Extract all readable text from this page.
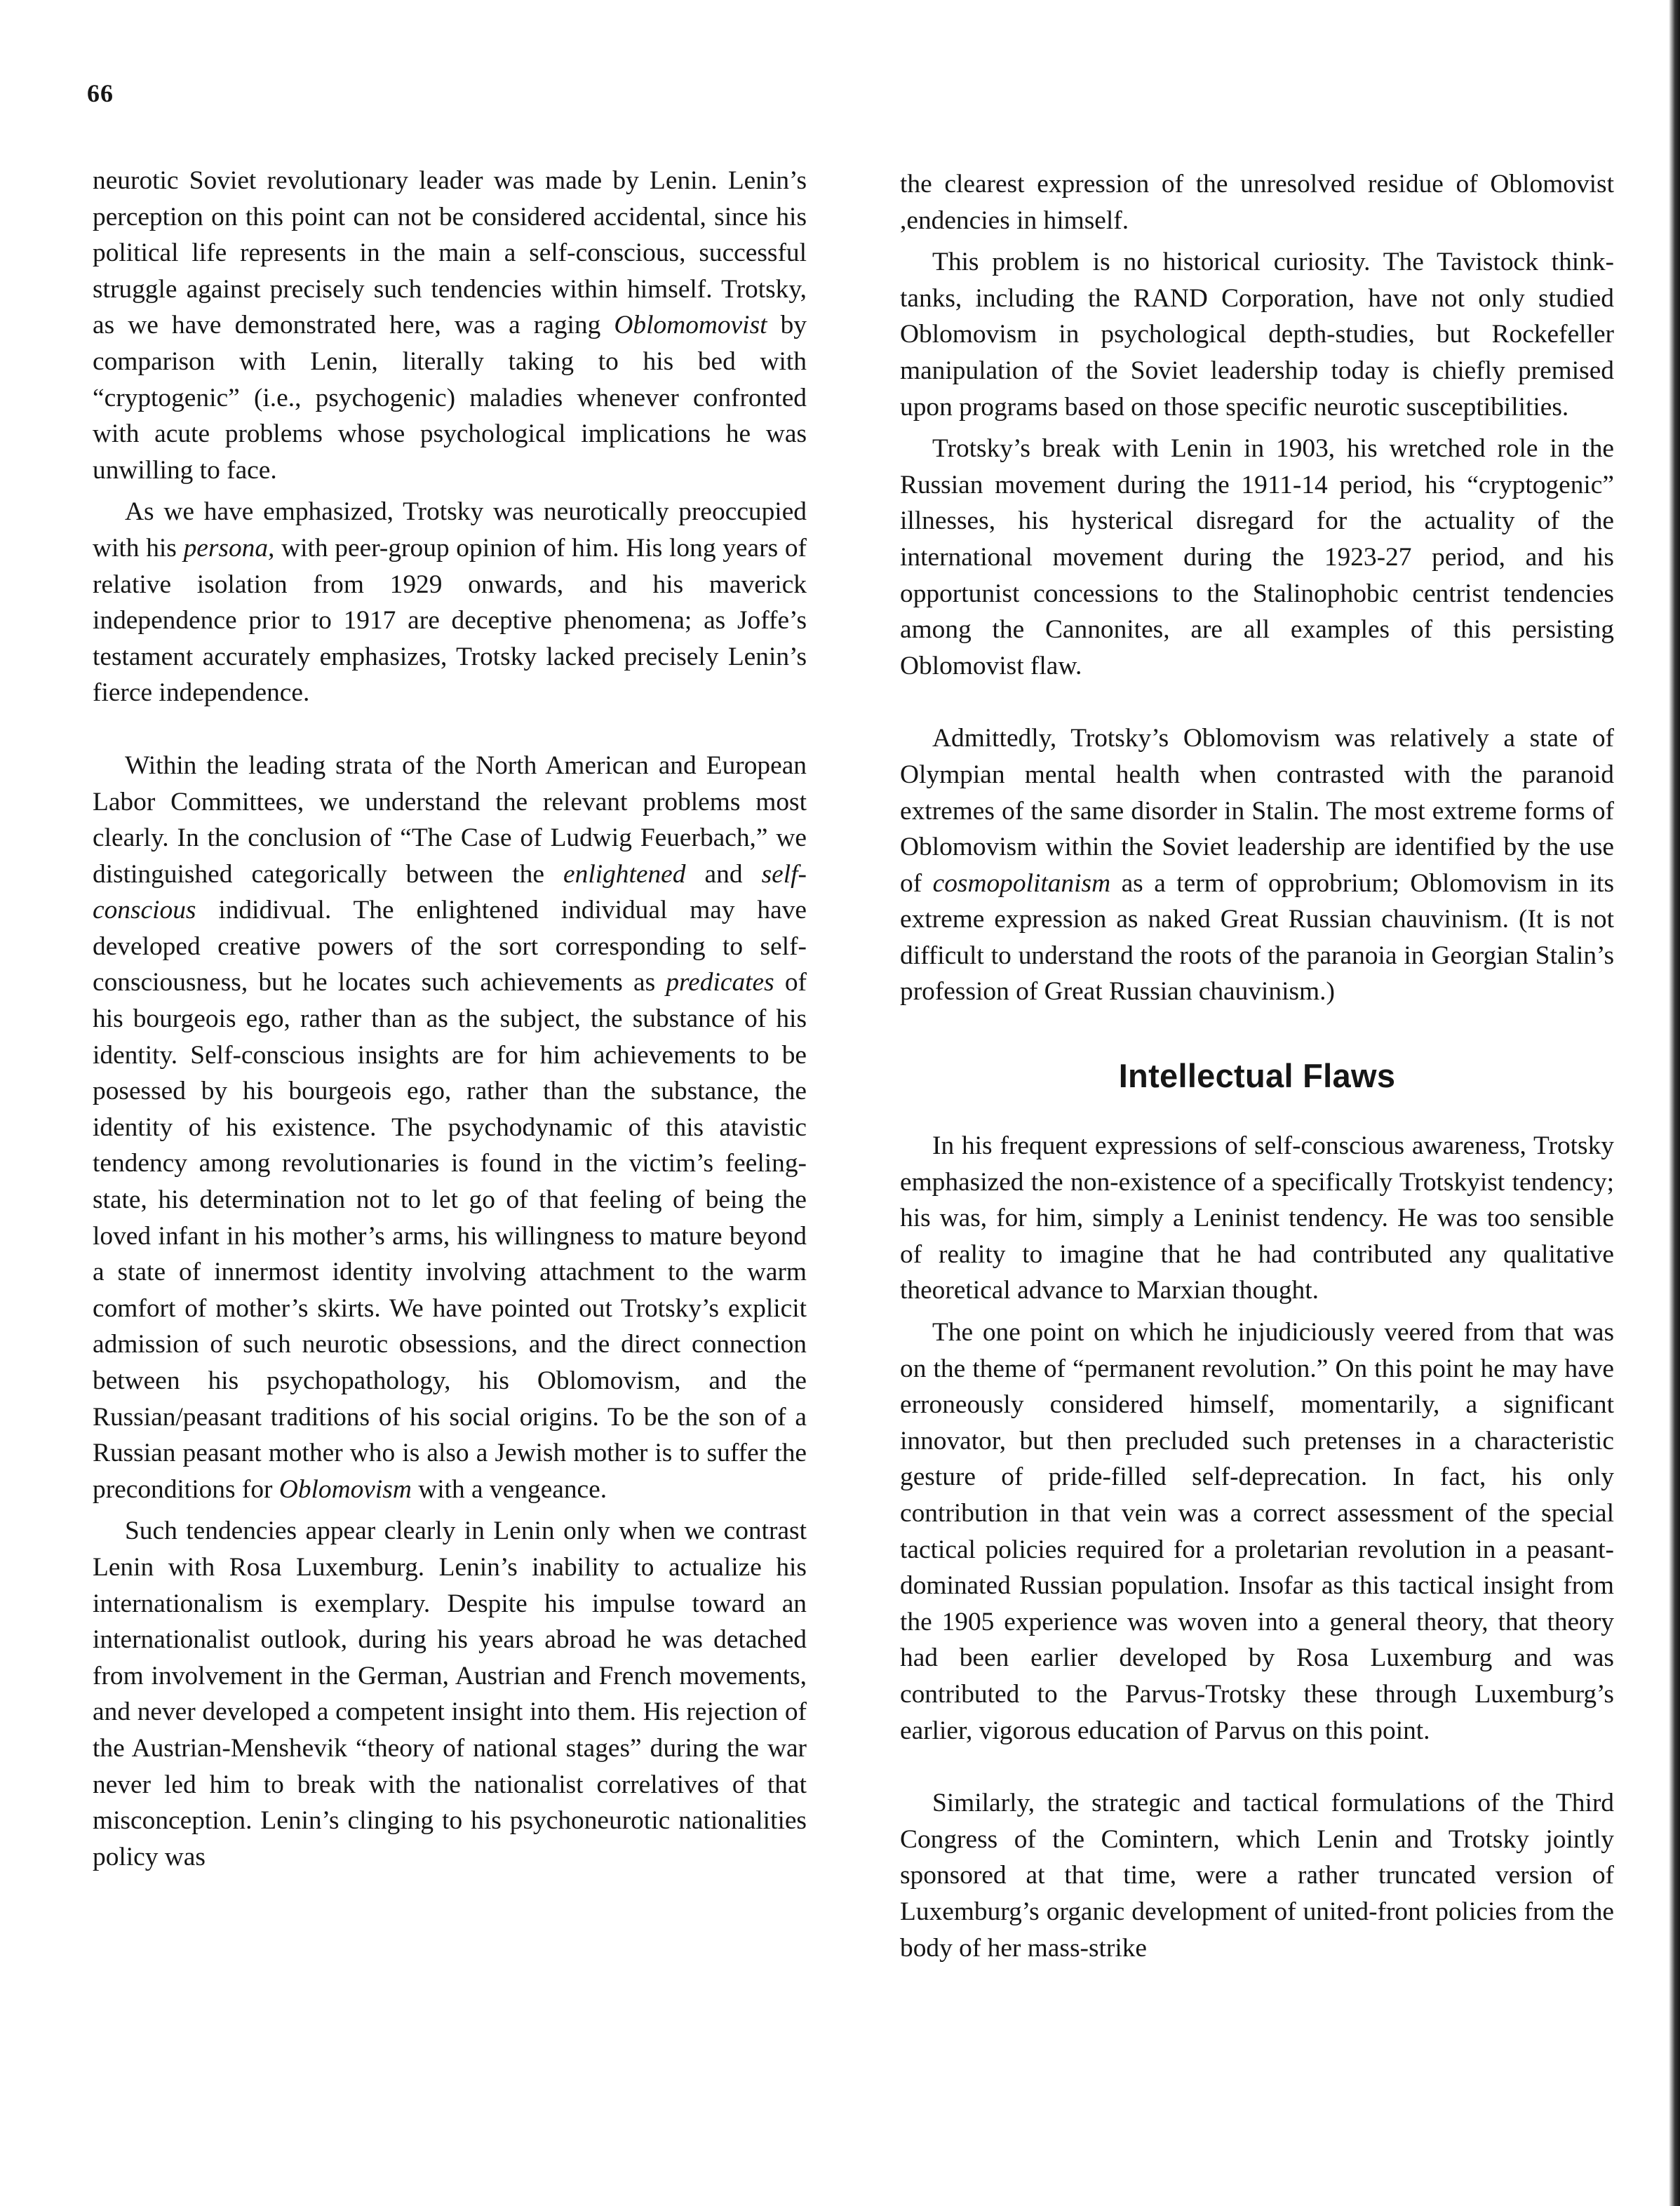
66

neurotic Soviet revolutionary leader was made by Lenin. Lenin’s perception on this point can not be considered accidental, since his political life represents in the main a self-conscious, successful struggle against precisely such tendencies within himself. Trotsky, as we have demonstrated here, was a raging Oblomomovist by comparison with Lenin, literally taking to his bed with “cryptogenic” (i.e., psychogenic) maladies whenever confronted with acute problems whose psychological implications he was unwilling to face.

As we have emphasized, Trotsky was neurotically preoccupied with his persona, with peer-group opinion of him. His long years of relative isolation from 1929 onwards, and his maverick independence prior to 1917 are deceptive phenomena; as Joffe’s testament accurately emphasizes, Trotsky lacked precisely Lenin’s fierce independence.

Within the leading strata of the North American and European Labor Committees, we understand the relevant problems most clearly. In the conclusion of “The Case of Ludwig Feuerbach,” we distinguished categorically between the enlightened and self-conscious indidivual. The enlightened individual may have developed creative powers of the sort corresponding to self-consciousness, but he locates such achievements as predicates of his bourgeois ego, rather than as the subject, the substance of his identity. Self-conscious insights are for him achievements to be posessed by his bourgeois ego, rather than the substance, the identity of his existence. The psychodynamic of this atavistic tendency among revolutionaries is found in the victim’s feeling-state, his determination not to let go of that feeling of being the loved infant in his mother’s arms, his willingness to mature beyond a state of innermost identity involving attachment to the warm comfort of mother’s skirts. We have pointed out Trotsky’s explicit admission of such neurotic obsessions, and the direct connection between his psychopathology, his Oblomovism, and the Russian/peasant traditions of his social origins. To be the son of a Russian peasant mother who is also a Jewish mother is to suffer the preconditions for Oblomovism with a vengeance.

Such tendencies appear clearly in Lenin only when we contrast Lenin with Rosa Luxemburg. Lenin’s inability to actualize his internationalism is exemplary. Despite his impulse toward an internationalist outlook, during his years abroad he was detached from involvement in the German, Austrian and French movements, and never developed a competent insight into them. His rejection of the Austrian-Menshevik “theory of national stages” during the war never led him to break with the nationalist correlatives of that misconception. Lenin’s clinging to his psychoneurotic nationalities policy was

the clearest expression of the unresolved residue of Oblomovist ,endencies in himself.

This problem is no historical curiosity. The Tavistock think-tanks, including the RAND Corporation, have not only studied Oblomovism in psychological depth-studies, but Rockefeller manipulation of the Soviet leadership today is chiefly premised upon programs based on those specific neurotic susceptibilities.

Trotsky’s break with Lenin in 1903, his wretched role in the Russian movement during the 1911-14 period, his “cryptogenic” illnesses, his hysterical disregard for the actuality of the international movement during the 1923-27 period, and his opportunist concessions to the Stalinophobic centrist tendencies among the Cannonites, are all examples of this persisting Oblomovist flaw.

Admittedly, Trotsky’s Oblomovism was relatively a state of Olympian mental health when contrasted with the paranoid extremes of the same disorder in Stalin. The most extreme forms of Oblomovism within the Soviet leadership are identified by the use of cosmopolitanism as a term of opprobrium; Oblomovism in its extreme expression as naked Great Russian chauvinism. (It is not difficult to understand the roots of the paranoia in Georgian Stalin’s profession of Great Russian chauvinism.)

Intellectual Flaws

In his frequent expressions of self-conscious awareness, Trotsky emphasized the non-existence of a specifically Trotskyist tendency; his was, for him, simply a Leninist tendency. He was too sensible of reality to imagine that he had contributed any qualitative theoretical advance to Marxian thought.

The one point on which he injudiciously veered from that was on the theme of “permanent revolution.” On this point he may have erroneously considered himself, momentarily, a significant innovator, but then precluded such pretenses in a characteristic gesture of pride-filled self-deprecation. In fact, his only contribution in that vein was a correct assessment of the special tactical policies required for a proletarian revolution in a peasant-dominated Russian population. Insofar as this tactical insight from the 1905 experience was woven into a general theory, that theory had been earlier developed by Rosa Luxemburg and was contributed to the Parvus-Trotsky these through Luxemburg’s earlier, vigorous education of Parvus on this point.

Similarly, the strategic and tactical formulations of the Third Congress of the Comintern, which Lenin and Trotsky jointly sponsored at that time, were a rather truncated version of Luxemburg’s organic development of united-front policies from the body of her mass-strike
